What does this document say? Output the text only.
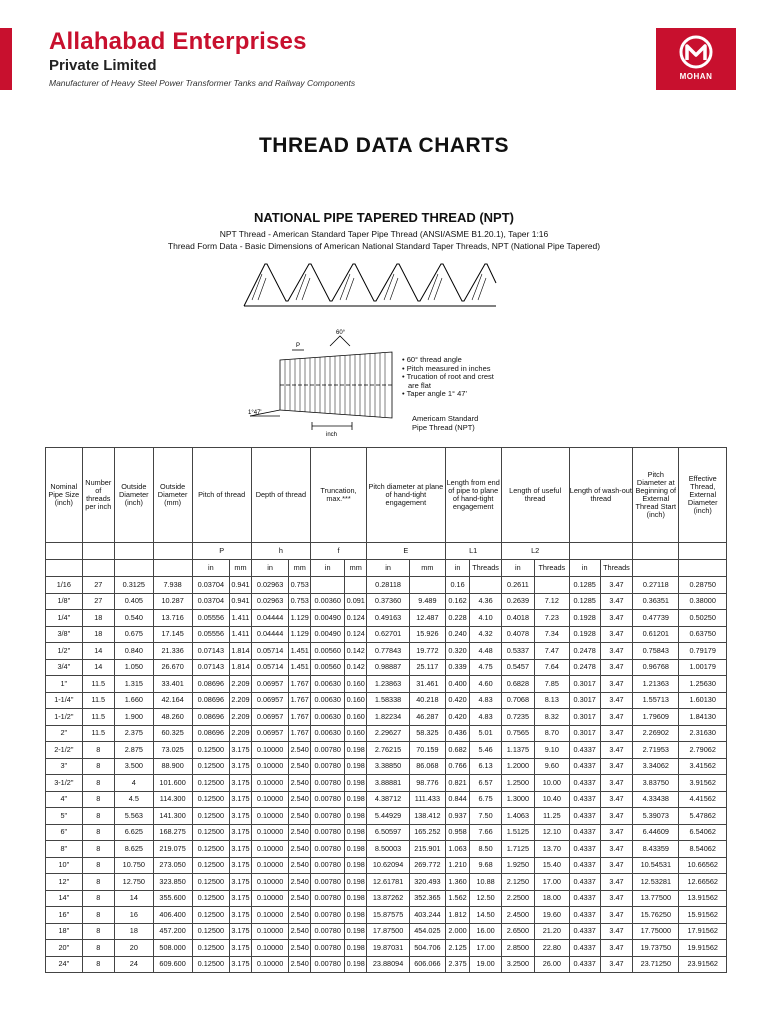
Allahabad Enterprises
Private Limited
Manufacturer of Heavy Steel Power Transformer Tanks and Railway Components
MOHAN
THREAD DATA CHARTS
NATIONAL PIPE TAPERED THREAD (NPT)
NPT Thread - American Standard Taper Pipe Thread (ANSI/ASME B1.20.1), Taper 1:16
Thread Form Data - Basic Dimensions of American National Standard Taper Threads, NPT (National Pipe Tapered)
60°
P
1°47'
inch
• 60° thread angle
• Pitch measured in inches
• Trucation of root and crest
are flat
• Taper angle 1° 47'
Americam Standard
Pipe Thread (NPT)
Nominal Pipe Size (inch)	Number of threads per inch	Outside Diameter (inch)	Outside Diameter (mm)	Pitch of thread		Depth of thread		Truncation, max.***		Pitch diameter at plane of hand-tight engagement		Length from end of pipe to plane of hand-tight engagement		Length of useful thread		Length of wash-out thread		Pitch Diameter at Beginning of External Thread Start (inch)	Effective Thread, External Diameter (inch)
				P		h		f		E		L1		L2					
				in	mm	in	mm	in	mm	in	mm	in	Threads	in	Threads	in	Threads		
1/16	27	0.3125	7.938	0.03704	0.941	0.02963	0.753			0.28118		0.16		0.2611		0.1285	3.47	0.27118	0.28750
1/8"	27	0.405	10.287	0.03704	0.941	0.02963	0.753	0.00360	0.091	0.37360	9.489	0.162	4.36	0.2639	7.12	0.1285	3.47	0.36351	0.38000
1/4"	18	0.540	13.716	0.05556	1.411	0.04444	1.129	0.00490	0.124	0.49163	12.487	0.228	4.10	0.4018	7.23	0.1928	3.47	0.47739	0.50250
3/8"	18	0.675	17.145	0.05556	1.411	0.04444	1.129	0.00490	0.124	0.62701	15.926	0.240	4.32	0.4078	7.34	0.1928	3.47	0.61201	0.63750
1/2"	14	0.840	21.336	0.07143	1.814	0.05714	1.451	0.00560	0.142	0.77843	19.772	0.320	4.48	0.5337	7.47	0.2478	3.47	0.75843	0.79179
3/4"	14	1.050	26.670	0.07143	1.814	0.05714	1.451	0.00560	0.142	0.98887	25.117	0.339	4.75	0.5457	7.64	0.2478	3.47	0.96768	1.00179
1"	11.5	1.315	33.401	0.08696	2.209	0.06957	1.767	0.00630	0.160	1.23863	31.461	0.400	4.60	0.6828	7.85	0.3017	3.47	1.21363	1.25630
1-1/4"	11.5	1.660	42.164	0.08696	2.209	0.06957	1.767	0.00630	0.160	1.58338	40.218	0.420	4.83	0.7068	8.13	0.3017	3.47	1.55713	1.60130
1-1/2"	11.5	1.900	48.260	0.08696	2.209	0.06957	1.767	0.00630	0.160	1.82234	46.287	0.420	4.83	0.7235	8.32	0.3017	3.47	1.79609	1.84130
2"	11.5	2.375	60.325	0.08696	2.209	0.06957	1.767	0.00630	0.160	2.29627	58.325	0.436	5.01	0.7565	8.70	0.3017	3.47	2.26902	2.31630
2-1/2"	8	2.875	73.025	0.12500	3.175	0.10000	2.540	0.00780	0.198	2.76215	70.159	0.682	5.46	1.1375	9.10	0.4337	3.47	2.71953	2.79062
3"	8	3.500	88.900	0.12500	3.175	0.10000	2.540	0.00780	0.198	3.38850	86.068	0.766	6.13	1.2000	9.60	0.4337	3.47	3.34062	3.41562
3-1/2"	8	4	101.600	0.12500	3.175	0.10000	2.540	0.00780	0.198	3.88881	98.776	0.821	6.57	1.2500	10.00	0.4337	3.47	3.83750	3.91562
4"	8	4.5	114.300	0.12500	3.175	0.10000	2.540	0.00780	0.198	4.38712	111.433	0.844	6.75	1.3000	10.40	0.4337	3.47	4.33438	4.41562
5"	8	5.563	141.300	0.12500	3.175	0.10000	2.540	0.00780	0.198	5.44929	138.412	0.937	7.50	1.4063	11.25	0.4337	3.47	5.39073	5.47862
6"	8	6.625	168.275	0.12500	3.175	0.10000	2.540	0.00780	0.198	6.50597	165.252	0.958	7.66	1.5125	12.10	0.4337	3.47	6.44609	6.54062
8"	8	8.625	219.075	0.12500	3.175	0.10000	2.540	0.00780	0.198	8.50003	215.901	1.063	8.50	1.7125	13.70	0.4337	3.47	8.43359	8.54062
10"	8	10.750	273.050	0.12500	3.175	0.10000	2.540	0.00780	0.198	10.62094	269.772	1.210	9.68	1.9250	15.40	0.4337	3.47	10.54531	10.66562
12"	8	12.750	323.850	0.12500	3.175	0.10000	2.540	0.00780	0.198	12.61781	320.493	1.360	10.88	2.1250	17.00	0.4337	3.47	12.53281	12.66562
14"	8	14	355.600	0.12500	3.175	0.10000	2.540	0.00780	0.198	13.87262	352.365	1.562	12.50	2.2500	18.00	0.4337	3.47	13.77500	13.91562
16"	8	16	406.400	0.12500	3.175	0.10000	2.540	0.00780	0.198	15.87575	403.244	1.812	14.50	2.4500	19.60	0.4337	3.47	15.76250	15.91562
18"	8	18	457.200	0.12500	3.175	0.10000	2.540	0.00780	0.198	17.87500	454.025	2.000	16.00	2.6500	21.20	0.4337	3.47	17.75000	17.91562
20"	8	20	508.000	0.12500	3.175	0.10000	2.540	0.00780	0.198	19.87031	504.706	2.125	17.00	2.8500	22.80	0.4337	3.47	19.73750	19.91562
24"	8	24	609.600	0.12500	3.175	0.10000	2.540	0.00780	0.198	23.88094	606.066	2.375	19.00	3.2500	26.00	0.4337	3.47	23.71250	23.91562
